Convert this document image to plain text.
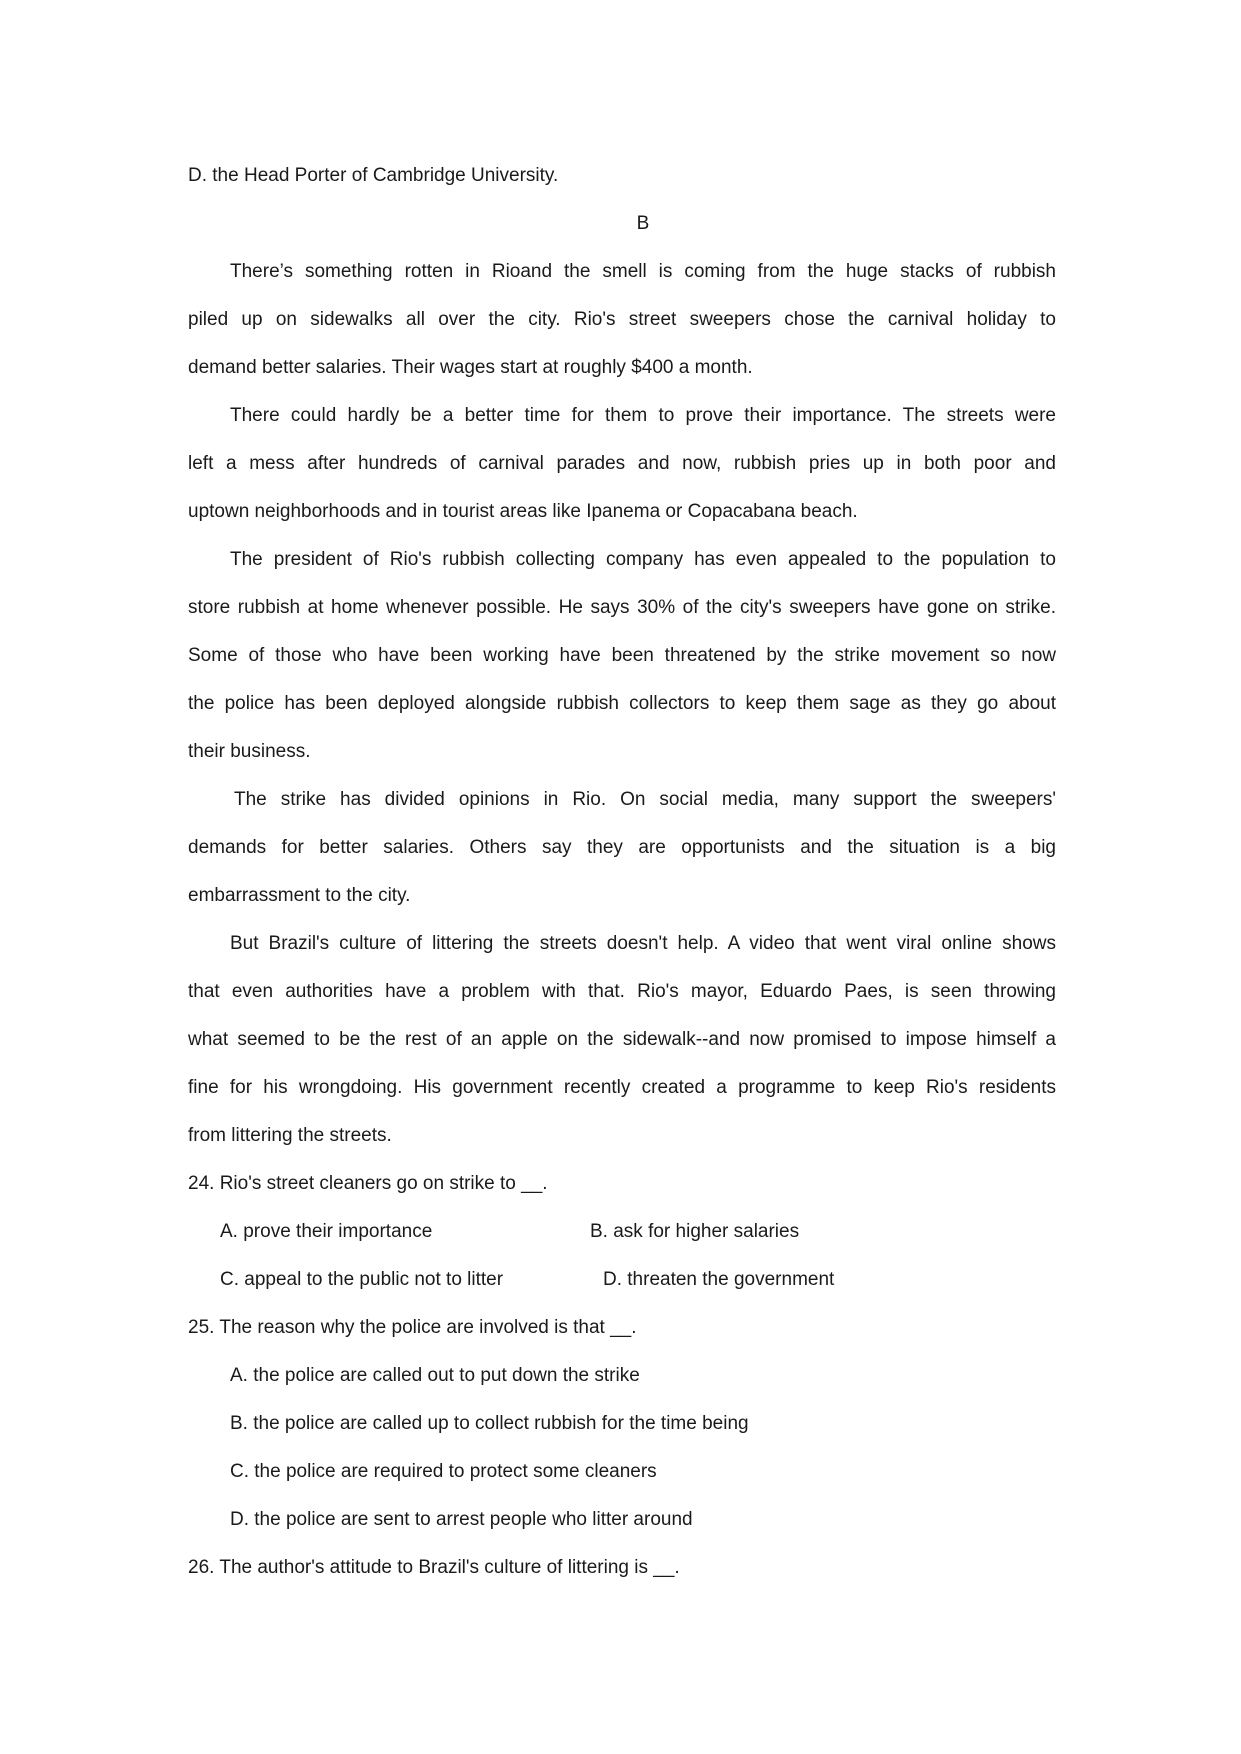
D. the Head Porter of Cambridge University.

B

There’s something rotten in Rioand the smell is coming from the huge stacks of rubbish

piled up on sidewalks all over the city. Rio's street sweepers chose the carnival holiday to

demand better salaries. Their wages start at roughly $400 a month.

There could hardly be a better time for them to prove their importance. The streets were

left a mess after hundreds of carnival parades and now, rubbish pries up in both poor and

uptown neighborhoods and in tourist areas like Ipanema or Copacabana beach.

The president of Rio's rubbish collecting company has even appealed to the population to

store rubbish at home whenever possible. He says 30% of the city's sweepers have gone on strike.

Some of those who have been working have been threatened by the strike movement so now

the police has been deployed alongside rubbish collectors to keep them sage as they go about

their business.

The strike has divided opinions in Rio. On social media, many support the sweepers'

demands for better salaries. Others say they are opportunists and the situation is a big

embarrassment to the city.

But Brazil's culture of littering the streets doesn't help. A video that went viral online shows

that even authorities have a problem with that. Rio's mayor, Eduardo Paes, is seen throwing

what seemed to be the rest of an apple on the sidewalk--and now promised to impose himself a

fine for his wrongdoing. His government recently created a programme to keep Rio's residents

from littering the streets.

24. Rio's street cleaners go on strike to __.

A. prove their importance	B. ask for higher salaries

C. appeal to the public not to litter	D. threaten the government

25. The reason why the police are involved is that __.

A. the police are called out to put down the strike

B. the police are called up to collect rubbish for the time being

C. the police are required to protect some cleaners

D. the police are sent to arrest people who litter around

26. The author's attitude to Brazil's culture of littering is __.
